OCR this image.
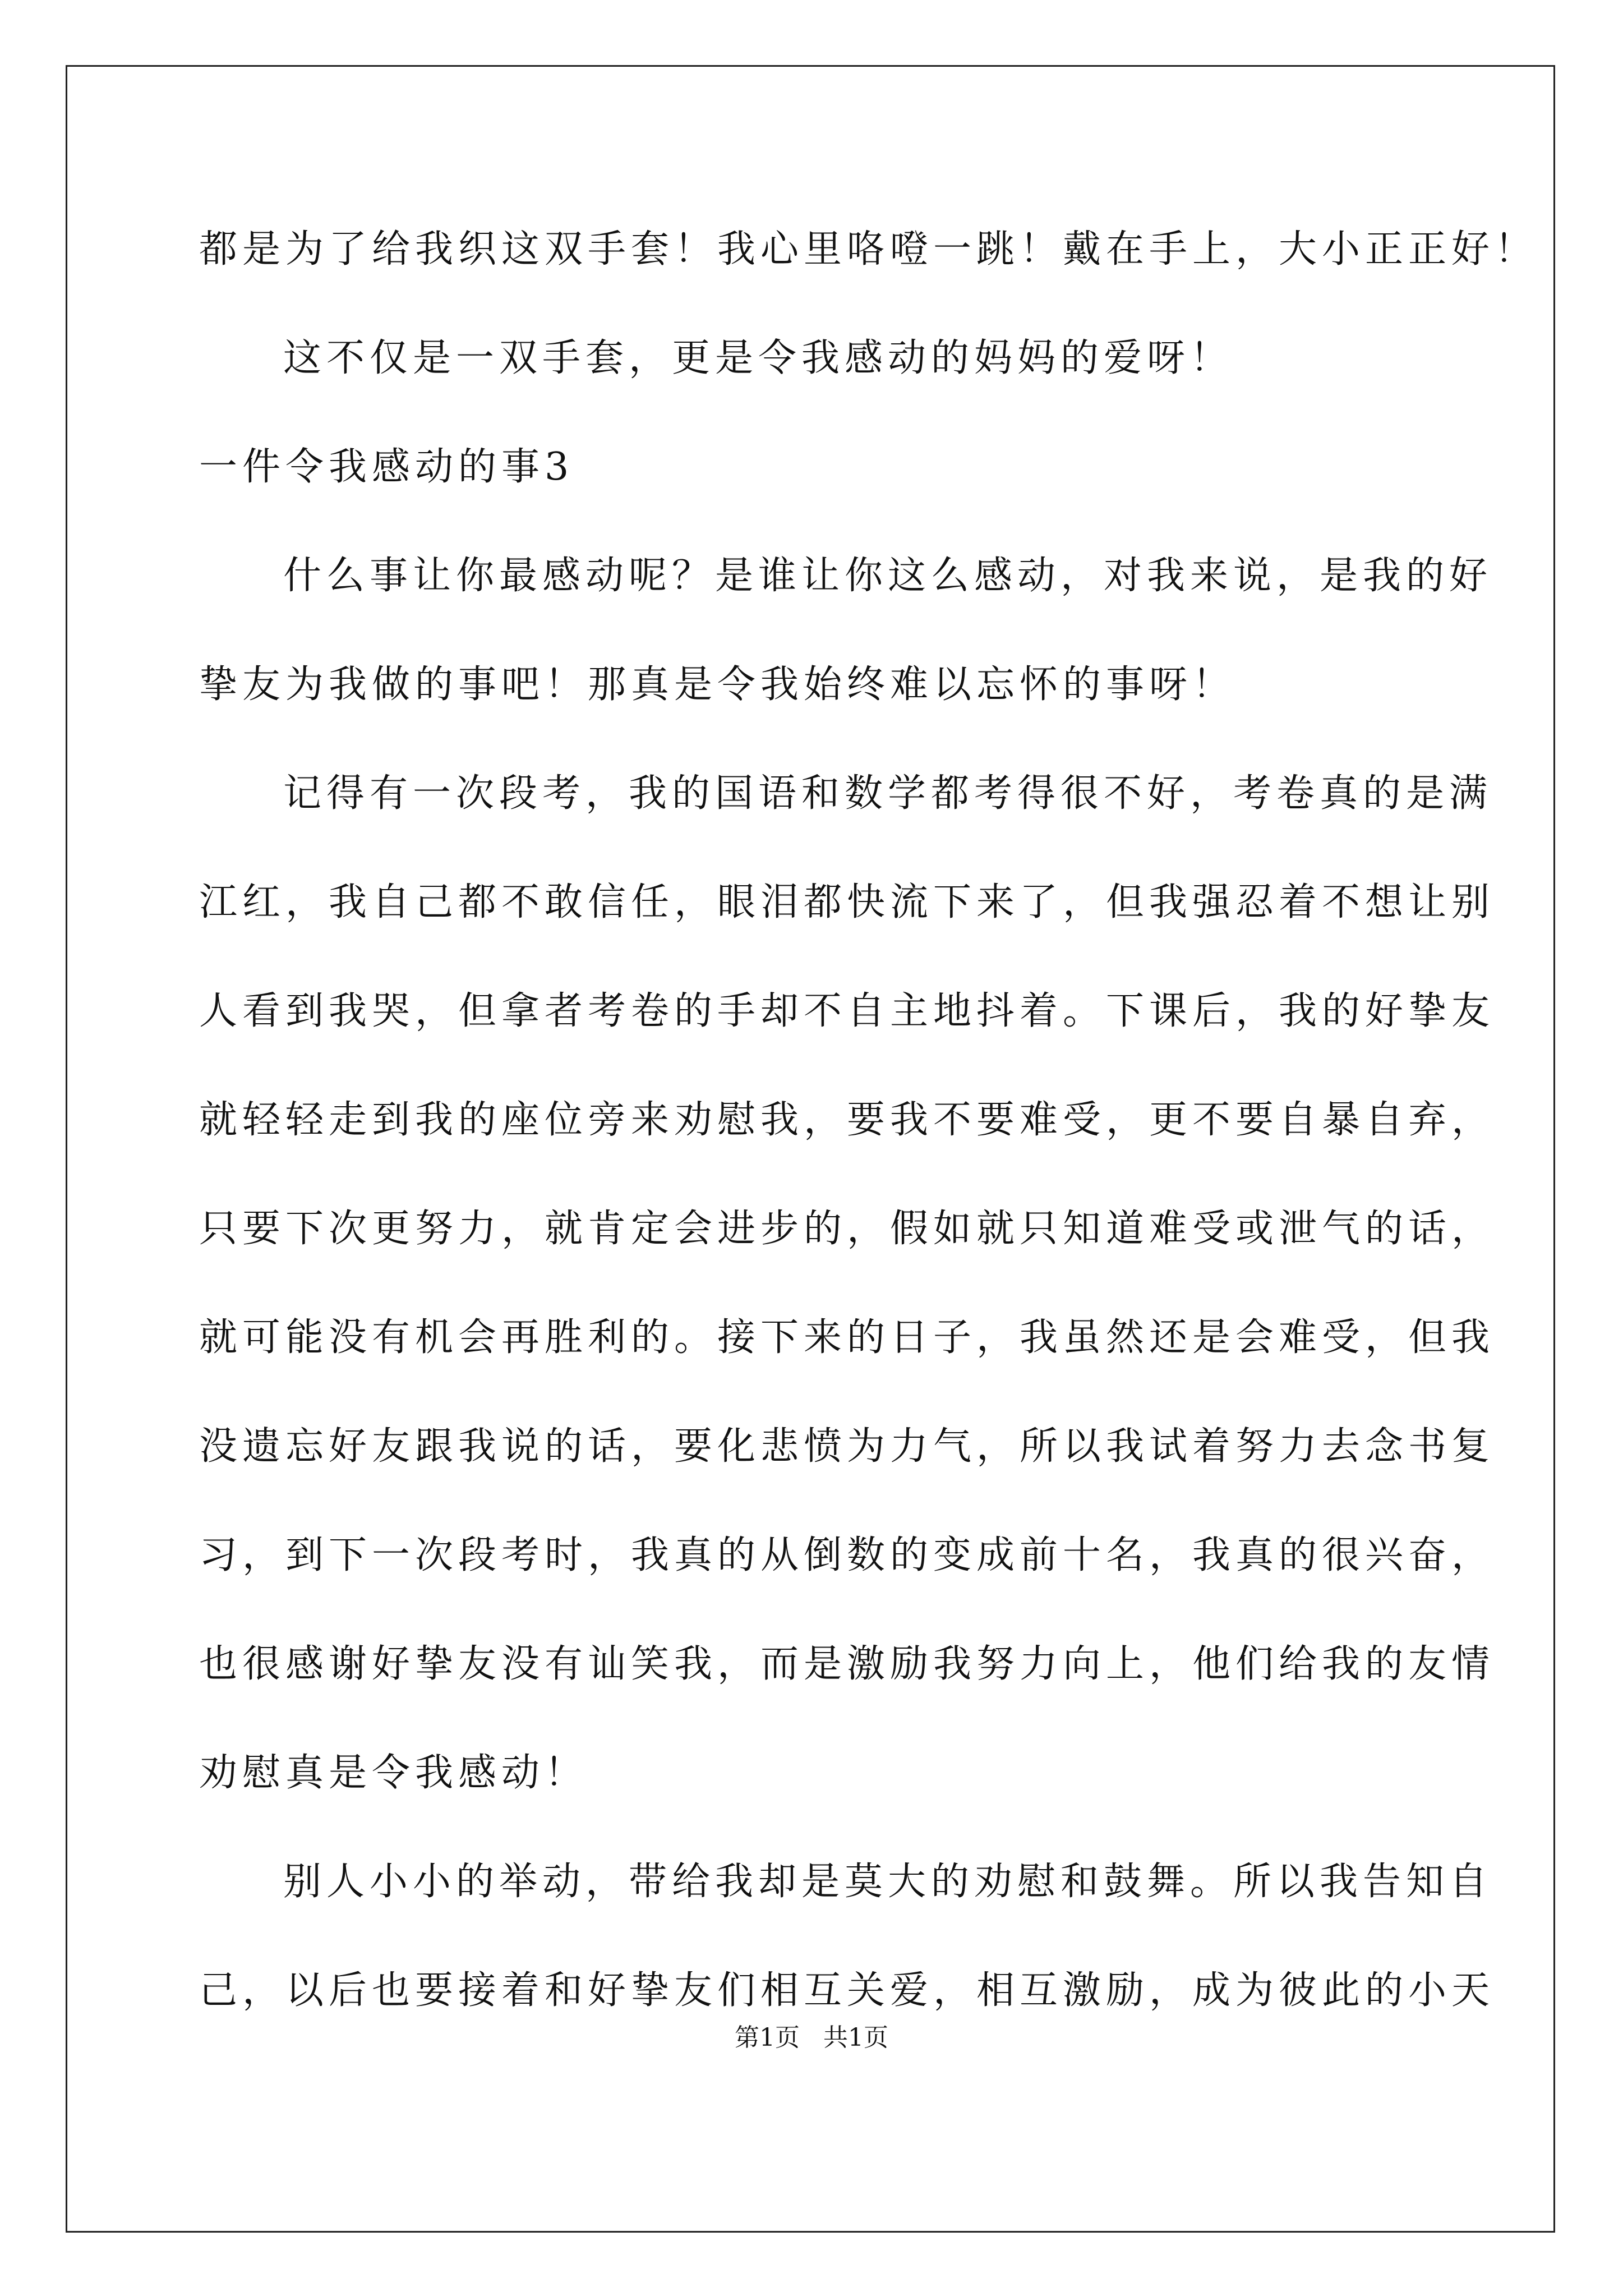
都是为了给我织这双手套！我心里咯噔一跳！戴在手上，大小正正好！
这不仅是一双手套，更是令我感动的妈妈的爱呀！
一件令我感动的事3
什么事让你最感动呢？是谁让你这么感动，对我来说，是我的好
挚友为我做的事吧！那真是令我始终难以忘怀的事呀！
记得有一次段考，我的国语和数学都考得很不好，考卷真的是满
江红，我自己都不敢信任，眼泪都快流下来了，但我强忍着不想让别
人看到我哭，但拿者考卷的手却不自主地抖着。下课后，我的好挚友
就轻轻走到我的座位旁来劝慰我，要我不要难受，更不要自暴自弃，
只要下次更努力，就肯定会进步的，假如就只知道难受或泄气的话，
就可能没有机会再胜利的。接下来的日子，我虽然还是会难受，但我
没遗忘好友跟我说的话，要化悲愤为力气，所以我试着努力去念书复
习，到下一次段考时，我真的从倒数的变成前十名，我真的很兴奋，
也很感谢好挚友没有讪笑我，而是激励我努力向上，他们给我的友情
劝慰真是令我感动！
别人小小的举动，带给我却是莫大的劝慰和鼓舞。所以我告知自
己，以后也要接着和好挚友们相互关爱，相互激励，成为彼此的小天
第1页   共1页
